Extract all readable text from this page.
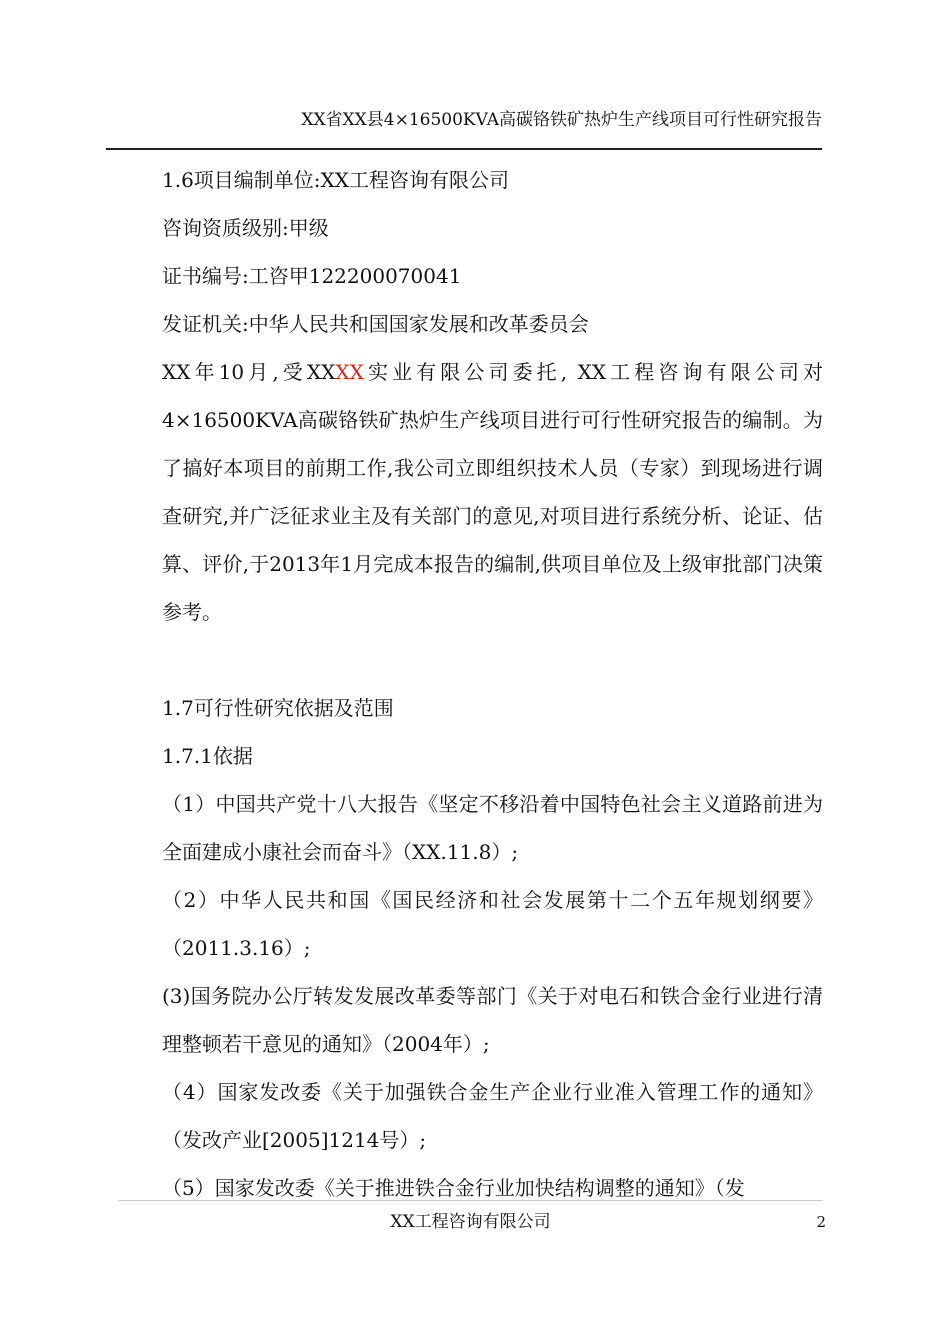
XX省XX县4×16500KVA高碳铬铁矿热炉生产线项目可行性研究报告

1.6项目编制单位:XX工程咨询有限公司

咨询资质级别:甲级

证书编号:工咨甲122200070041

发证机关:中华人民共和国国家发展和改革委员会

XX年10月,受XXXX实业有限公司委托, XX工程咨询有限公司对4×16500KVA高碳铬铁矿热炉生产线项目进行可行性研究报告的编制。为了搞好本项目的前期工作,我公司立即组织技术人员（专家）到现场进行调查研究,并广泛征求业主及有关部门的意见,对项目进行系统分析、论证、估算、评价,于2013年1月完成本报告的编制,供项目单位及上级审批部门决策参考。

1.7可行性研究依据及范围

1.7.1依据

（1）中国共产党十八大报告《坚定不移沿着中国特色社会主义道路前进为全面建成小康社会而奋斗》（XX.11.8）;

（2）中华人民共和国《国民经济和社会发展第十二个五年规划纲要》（2011.3.16）;

(3)国务院办公厅转发发展改革委等部门《关于对电石和铁合金行业进行清理整顿若干意见的通知》（2004年）;

（4）国家发改委《关于加强铁合金生产企业行业准入管理工作的通知》（发改产业[2005]1214号）;

（5）国家发改委《关于推进铁合金行业加快结构调整的通知》（发

XX工程咨询有限公司	2
